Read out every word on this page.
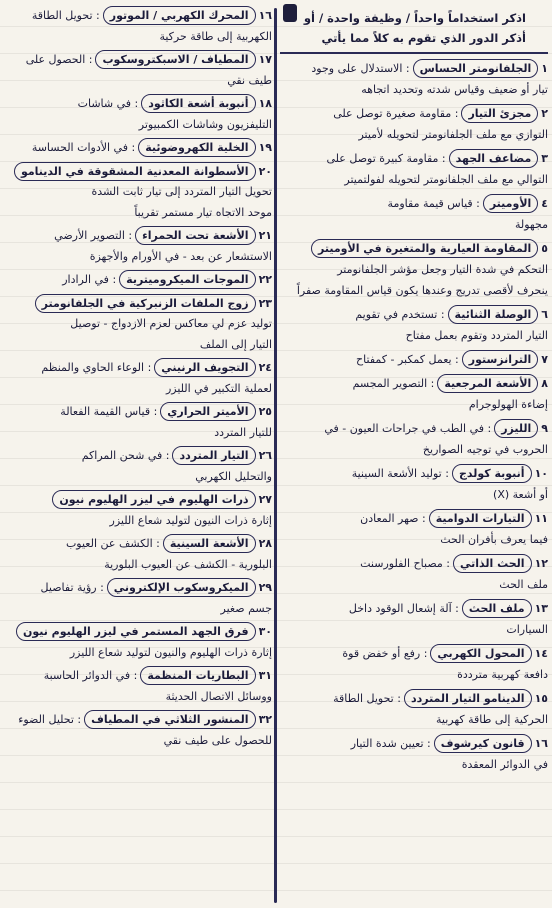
اذكر استخداماً واحداً / وظيفة واحدة / أو أذكر الدور الذي تقوم به كلاً مما يأتي
١الجلفانومتر الحساس: الاستدلال على وجود
تيار أو ضعيف وقياس شدته وتحديد اتجاهه
٢مجزئ التيار: مقاومة صغيرة توصل على
التوازي مع ملف الجلفانومتر لتحويله لأميتر
٣مضاعف الجهد: مقاومة كبيرة توصل على
التوالي مع ملف الجلفانومتر لتحويله لفولتميتر
٤الأوميتر: قياس قيمة مقاومة
مجهولة
٥المقاومة العيارية والمتغيرة في الأوميتر
التحكم في شدة التيار وجعل مؤشر الجلفانومتر
ينحرف لأقصى تدريج وعندها يكون قياس المقاومة صفراً
٦الوصلة الثنائية: تستخدم في تقويم
التيار المتردد وتقوم بعمل مفتاح
٧الترانزستور: يعمل كمكبر - كمفتاح
٨الأشعة المرجعية: التصوير المجسم
إضاءة الهولوجرام
٩الليزر: في الطب في جراحات العيون - في
الحروب في توجيه الصواريخ
١٠أنبوبة كولدج: توليد الأشعة السينية
أو أشعة (X)
١١التيارات الدوامية: صهر المعادن
فيما يعرف بأفران الحث
١٢الحث الذاتي: مصباح الفلورسنت
ملف الحث
١٣ملف الحث: آلة إشعال الوقود داخل
السيارات
١٤المحول الكهربي: رفع أو خفض قوة
دافعة كهربية مترددة
١٥الدينامو التيار المتردد: تحويل الطاقة
الحركية إلى طاقة كهربية
١٦قانون كيرشوف: تعيين شدة التيار
في الدوائر المعقدة
١٦المحرك الكهربي / الموتور: تحويل الطاقة
الكهربية إلى طاقة حركية
١٧المطياف / الاسبكتروسكوب: الحصول على
طيف نقي
١٨أنبوبة أشعة الكاثود: في شاشات
التليفزيون وشاشات الكمبيوتر
١٩الخلية الكهروضوئية: في الأدوات الحساسة
٢٠الأسطوانة المعدنية المشقوقة في الدينامو
تحويل التيار المتردد إلى تيار ثابت الشدة
موحد الاتجاه تيار مستمر تقريباً
٢١الأشعة تحت الحمراء: التصوير الأرضي
الاستشعار عن بعد - في الأورام والأجهزة
٢٢الموجات الميكروميترية: في الرادار
٢٣زوج الملفات الزنبركية في الجلفانومتر
توليد عزم لي معاكس لعزم الازدواج - توصيل
التيار إلى الملف
٢٤التجويف الرنيني: الوعاء الحاوي والمنظم
لعملية التكبير في الليزر
٢٥الأميتر الحراري: قياس القيمة الفعالة
للتيار المتردد
٢٦التيار المتردد: في شحن المراكم
والتحليل الكهربي
٢٧ذرات الهليوم في ليزر الهليوم نيون
إثارة ذرات النيون لتوليد شعاع الليزر
٢٨الأشعة السينية: الكشف عن العيوب
البلورية - الكشف عن العيوب البلورية
٢٩الميكروسكوب الإلكتروني: رؤية تفاصيل
جسم صغير
٣٠فرق الجهد المستمر في ليزر الهليوم نيون
إثارة ذرات الهليوم والنيون لتوليد شعاع الليزر
٣١البطاريات المنظمة: في الدوائر الحاسبة
ووسائل الاتصال الحديثة
٣٢المنشور الثلاثي في المطياف: تحليل الضوء
للحصول على طيف نقي
